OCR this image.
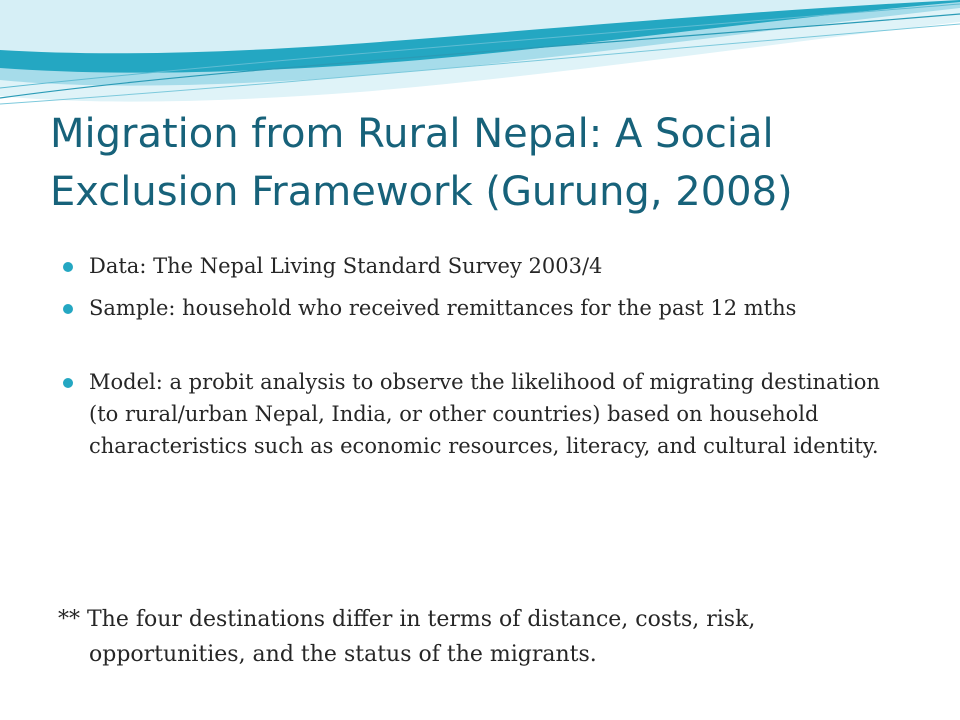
Migration from Rural Nepal: A Social Exclusion Framework (Gurung, 2008)
Data: The Nepal Living Standard Survey 2003/4
Sample: household who received remittances for the past 12 mths
Model: a probit analysis to observe the likelihood of migrating destination (to rural/urban Nepal, India, or other countries) based on household characteristics such as economic resources, literacy, and cultural identity.

** The four destinations differ in terms of distance, costs, risk, opportunities, and the status of the migrants.
